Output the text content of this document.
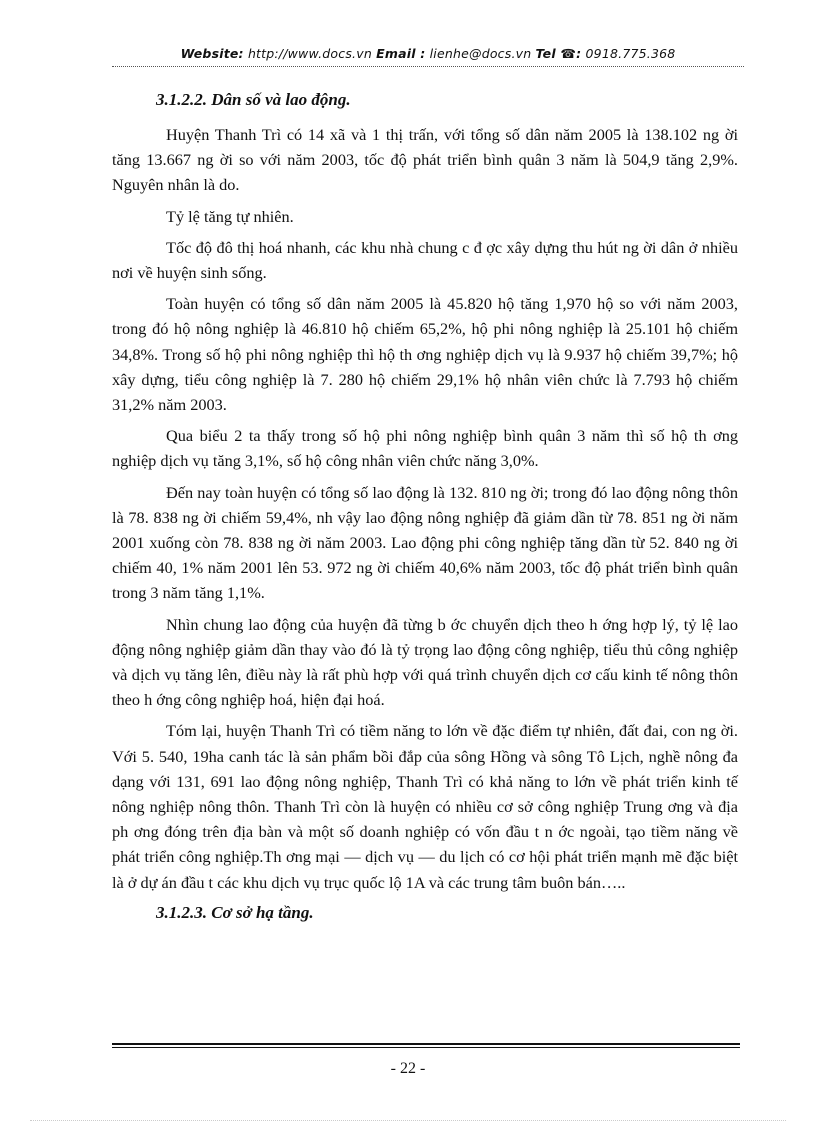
Website: http://www.docs.vn Email : lienhe@docs.vn Tel ☎: 0918.775.368
3.1.2.2. Dân số và lao động.

Huyện Thanh Trì có 14 xã và 1 thị trấn, với tổng số dân năm 2005 là 138.102 ng ời tăng 13.667 ng ời so với năm 2003, tốc độ phát triển bình quân 3 năm là 504,9 tăng 2,9%. Nguyên nhân là do.

Tỷ lệ tăng tự nhiên.

Tốc độ đô thị hoá nhanh, các khu nhà chung c đ ợc xây dựng thu hút ng ời dân ở nhiều nơi về huyện sinh sống.

Toàn huyện có tổng số dân năm 2005 là 45.820 hộ tăng 1,970 hộ so với năm 2003, trong đó hộ nông nghiệp là 46.810 hộ chiếm 65,2%, hộ phi nông nghiệp là 25.101 hộ chiếm 34,8%. Trong số hộ phi nông nghiệp thì hộ th ơng nghiệp dịch vụ là 9.937 hộ chiếm 39,7%; hộ xây dựng, tiểu công nghiệp là 7. 280 hộ chiếm 29,1% hộ nhân viên chức là 7.793 hộ chiếm 31,2% năm 2003.

Qua biểu 2 ta thấy trong số hộ phi nông nghiệp bình quân 3 năm thì số hộ th ơng nghiệp dịch vụ tăng 3,1%, số hộ công nhân viên chức năng 3,0%.

Đến nay toàn huyện có tổng số lao động là 132. 810 ng ời; trong đó lao động nông thôn là 78. 838 ng ời chiếm 59,4%, nh vậy lao động nông nghiệp đã giảm dần từ 78. 851 ng ời năm 2001 xuống còn 78. 838 ng ời năm 2003. Lao động phi công nghiệp tăng dần từ 52. 840 ng ời chiếm 40, 1% năm 2001 lên 53. 972 ng ời chiếm 40,6% năm 2003, tốc độ phát triển bình quân trong 3 năm tăng 1,1%.

Nhìn chung lao động của huyện đã từng b ớc chuyển dịch theo h ớng hợp lý, tỷ lệ lao động nông nghiệp giảm dần thay vào đó là tỷ trọng lao động công nghiệp, tiểu thủ công nghiệp và dịch vụ tăng lên, điều này là rất phù hợp với quá trình chuyển dịch cơ cấu kinh tế nông thôn theo h ớng công nghiệp hoá, hiện đại hoá.

Tóm lại, huyện Thanh Trì có tiềm năng to lớn về đặc điểm tự nhiên, đất đai, con ng ời. Với 5. 540, 19ha canh tác là sản phẩm bồi đắp của sông Hồng và sông Tô Lịch, nghề nông đa dạng với 131, 691 lao động nông nghiệp, Thanh Trì có khả năng to lớn về phát triển kinh tế nông nghiệp nông thôn. Thanh Trì còn là huyện có nhiều cơ sở công nghiệp Trung ơng và địa ph ơng đóng trên địa bàn và một số doanh nghiệp có vốn đầu t n ớc ngoài, tạo tiềm năng về phát triển công nghiệp.Th ơng mại — dịch vụ — du lịch có cơ hội phát triển mạnh mẽ đặc biệt là ở dự án đầu t các khu dịch vụ trục quốc lộ 1A và các trung tâm buôn bán…..

3.1.2.3. Cơ sở hạ tầng.
- 22 -
